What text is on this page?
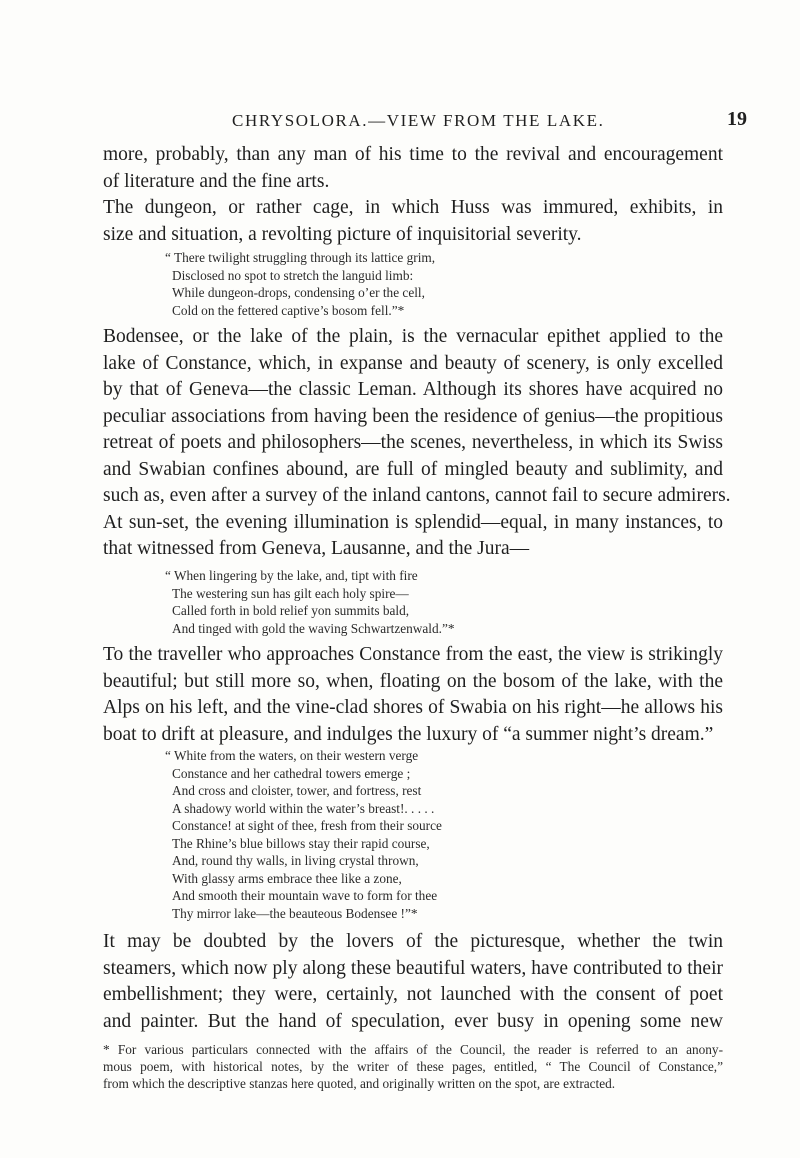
CHRYSOLORA.—VIEW FROM THE LAKE.	19
more, probably, than any man of his time to the revival and encouragement
of literature and the fine arts.
The dungeon, or rather cage, in which Huss was immured, exhibits, in
size and situation, a revolting picture of inquisitorial severity.
“ There twilight struggling through its lattice grim,
Disclosed no spot to stretch the languid limb:
While dungeon-drops, condensing o’er the cell,
Cold on the fettered captive’s bosom fell.”*
Bodensee, or the lake of the plain, is the vernacular epithet applied to the
lake of Constance, which, in expanse and beauty of scenery, is only excelled
by that of Geneva—the classic Leman. Although its shores have acquired no
peculiar associations from having been the residence of genius—the propitious
retreat of poets and philosophers—the scenes, nevertheless, in which its Swiss
and Swabian confines abound, are full of mingled beauty and sublimity, and
such as, even after a survey of the inland cantons, cannot fail to secure admirers.
At sun-set, the evening illumination is splendid—equal, in many instances, to
that witnessed from Geneva, Lausanne, and the Jura—
“ When lingering by the lake, and, tipt with fire
The westering sun has gilt each holy spire—
Called forth in bold relief yon summits bald,
And tinged with gold the waving Schwartzenwald.”*
To the traveller who approaches Constance from the east, the view is strikingly
beautiful; but still more so, when, floating on the bosom of the lake, with the
Alps on his left, and the vine-clad shores of Swabia on his right—he allows his
boat to drift at pleasure, and indulges the luxury of “a summer night’s dream.”
“ White from the waters, on their western verge
Constance and her cathedral towers emerge ;
And cross and cloister, tower, and fortress, rest
A shadowy world within the water’s breast!. . . . .
Constance! at sight of thee, fresh from their source
The Rhine’s blue billows stay their rapid course,
And, round thy walls, in living crystal thrown,
With glassy arms embrace thee like a zone,
And smooth their mountain wave to form for thee
Thy mirror lake—the beauteous Bodensee !”*
It may be doubted by the lovers of the picturesque, whether the twin
steamers, which now ply along these beautiful waters, have contributed to their
embellishment; they were, certainly, not launched with the consent of poet
and painter. But the hand of speculation, ever busy in opening some new
* For various particulars connected with the affairs of the Council, the reader is referred to an anony-
mous poem, with historical notes, by the writer of these pages, entitled, “ The Council of Constance,”
from which the descriptive stanzas here quoted, and originally written on the spot, are extracted.
